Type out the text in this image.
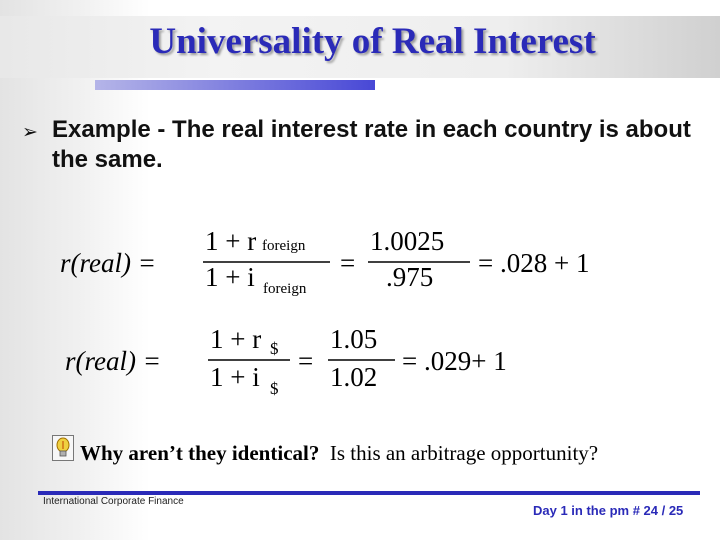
Universality of Real Interest
➢ Example - The real interest rate in each country is about the same.
r(real) =
1 + r foreign
1 + i foreign
=
1.0025
.975 = .028 + 1
r(real) =
1 + r $
1 + i $
=
1.05
1.02
= .029+ 1
Why aren’t they identical?  Is this an arbitrage opportunity?
International Corporate Finance
Day 1 in the pm # 24 / 25
